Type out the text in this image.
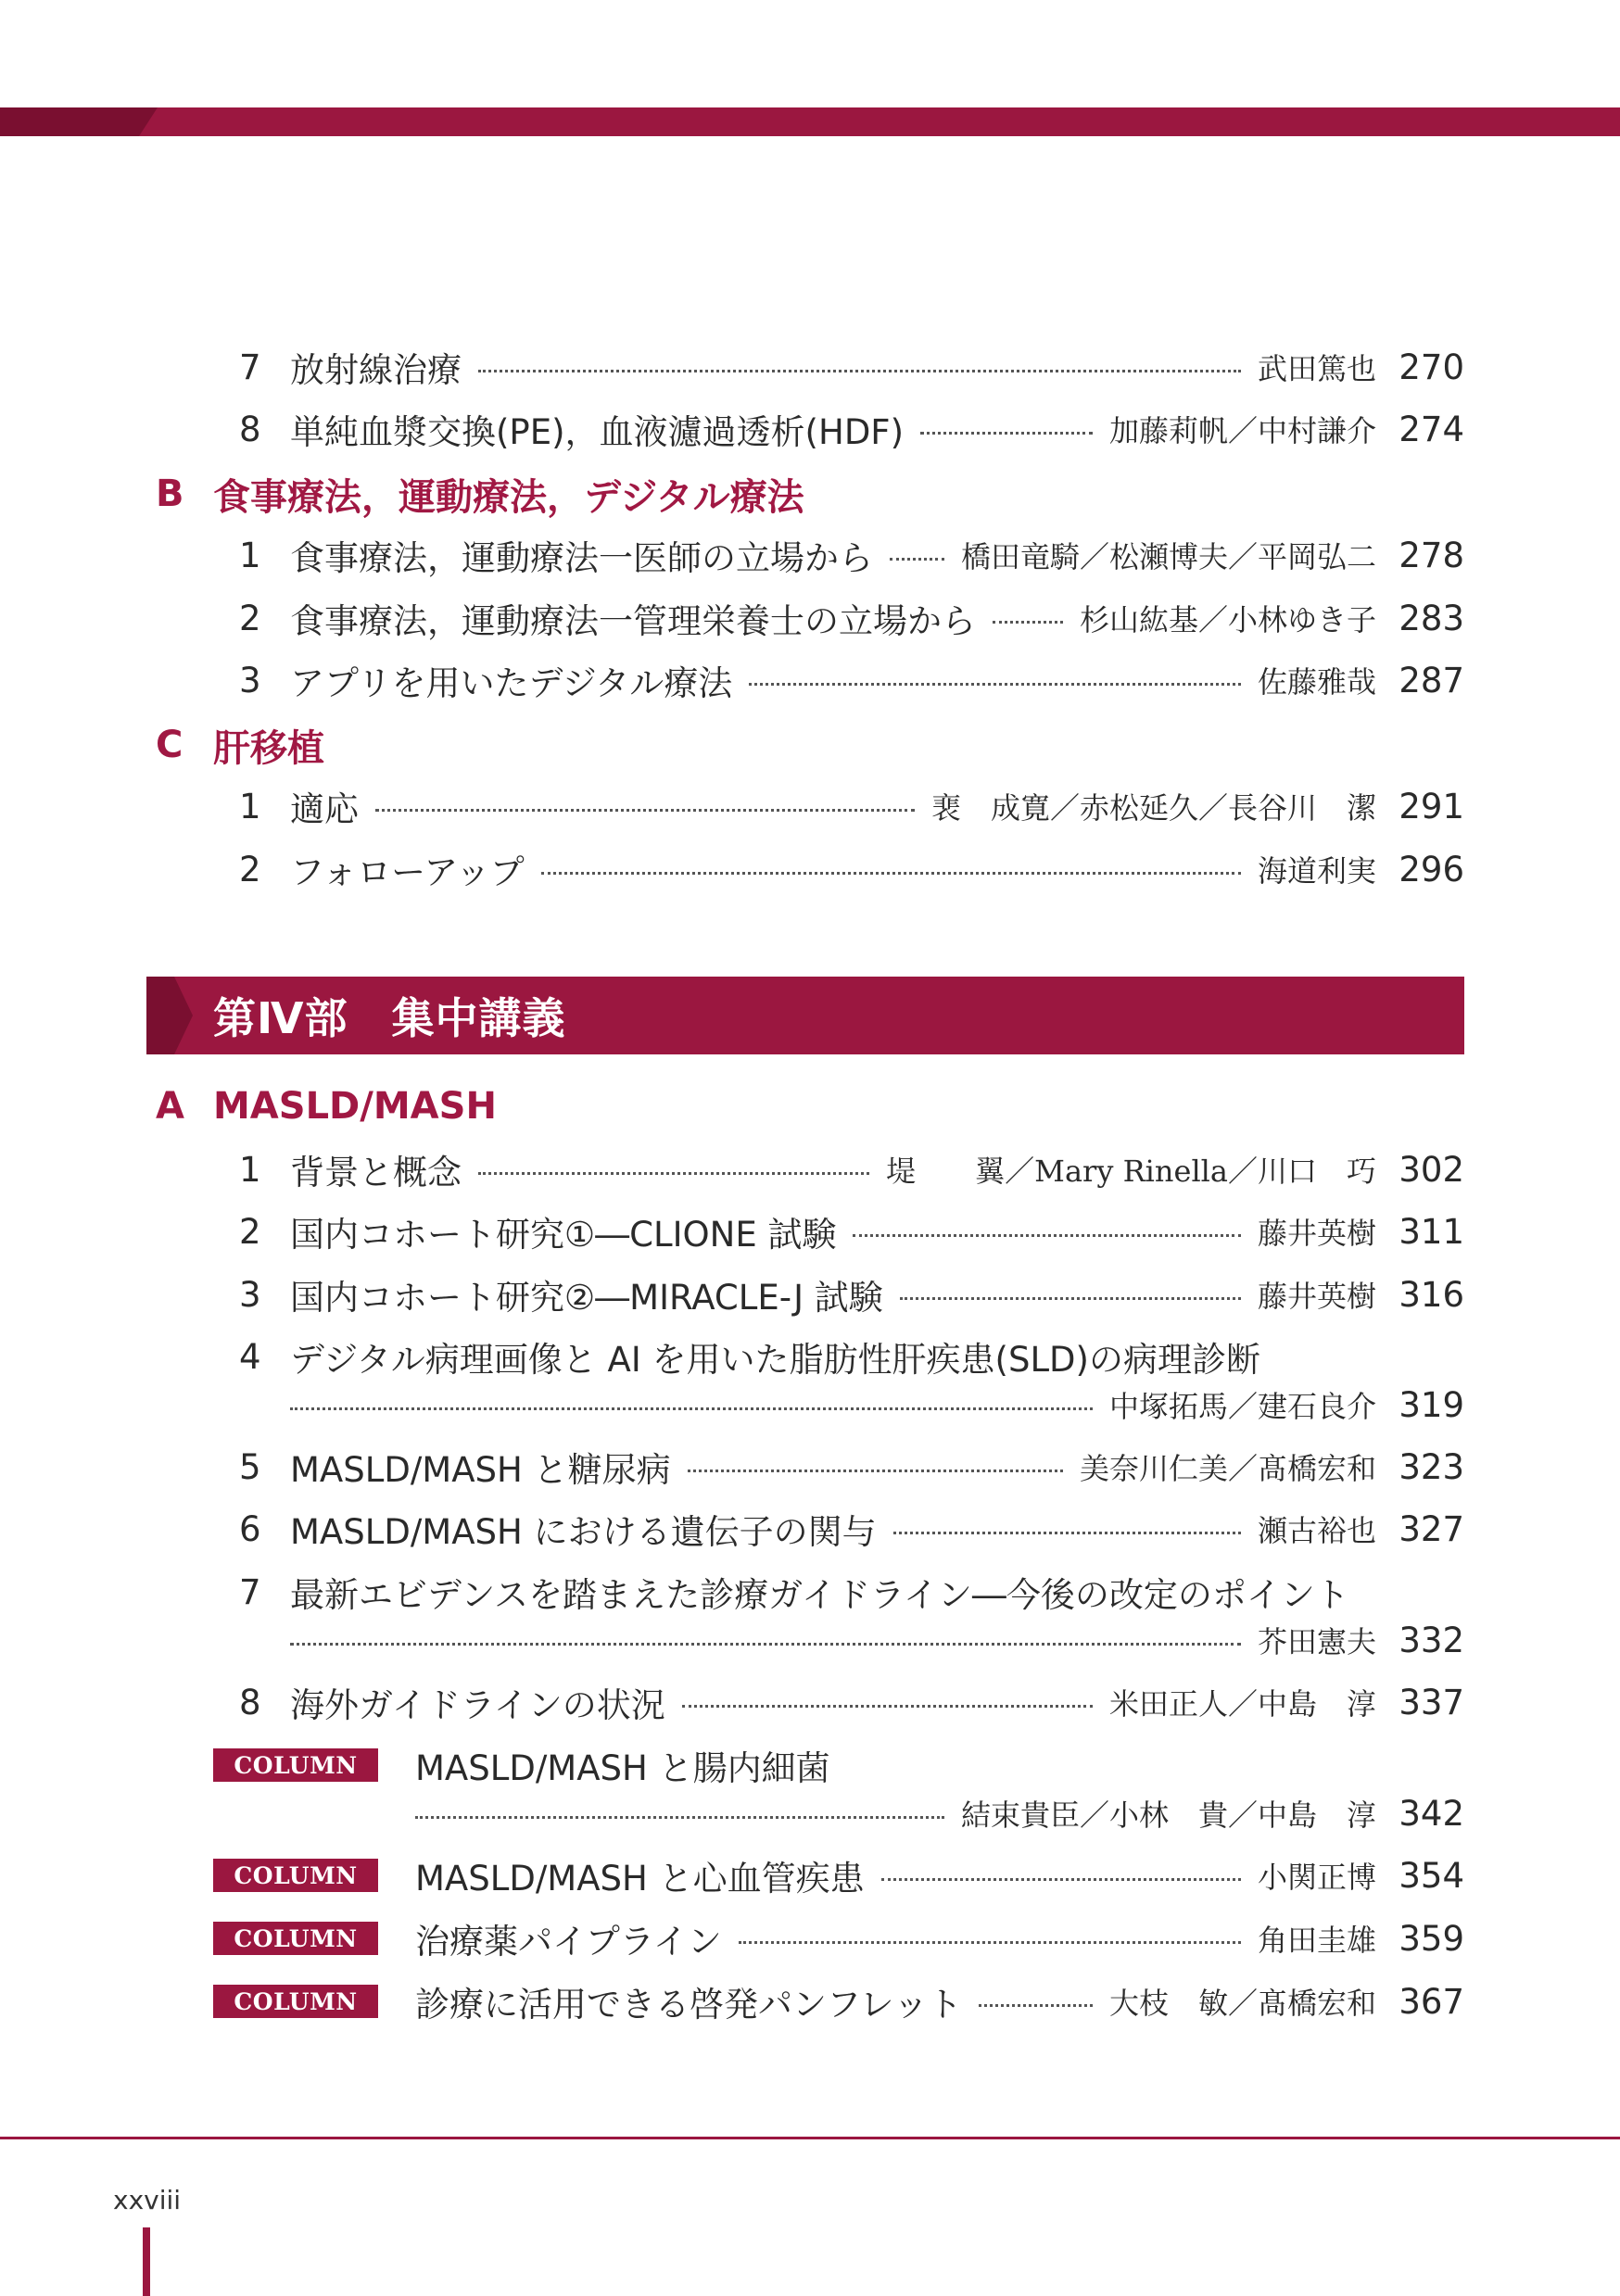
7 放射線治療	武田篤也 270
8 単純血漿交換(PE)，血液濾過透析(HDF)	加藤莉帆／中村謙介 274
B 食事療法，運動療法，デジタル療法
1 食事療法，運動療法一医師の立場から	橋田竜騎／松瀬博夫／平岡弘二 278
2 食事療法，運動療法一管理栄養士の立場から	杉山紘基／小林ゆき子 283
3 アプリを用いたデジタル療法	佐藤雅哉 287
C 肝移植
1 適応	裵　成寛／赤松延久／長谷川　潔 291
2 フォローアップ	海道利実 296
第Ⅳ部　集中講義
A MASLD/MASH
1 背景と概念	堤　　翼／Mary Rinella／川口　巧 302
2 国内コホート研究①―CLIONE 試験	藤井英樹 311
3 国内コホート研究②―MIRACLE-J 試験	藤井英樹 316
4 デジタル病理画像と AI を用いた脂肪性肝疾患(SLD)の病理診断
中塚拓馬／建石良介 319
5 MASLD/MASH と糖尿病	美奈川仁美／髙橋宏和 323
6 MASLD/MASH における遺伝子の関与	瀬古裕也 327
7 最新エビデンスを踏まえた診療ガイドライン―今後の改定のポイント
芥田憲夫 332
8 海外ガイドラインの状況	米田正人／中島　淳 337
COLUMN	MASLD/MASH と腸内細菌
結束貴臣／小林　貴／中島　淳 342
COLUMN	MASLD/MASH と心血管疾患	小関正博 354
COLUMN	治療薬パイプライン	角田圭雄 359
COLUMN	診療に活用できる啓発パンフレット	大枝　敏／髙橋宏和 367
xxviii
